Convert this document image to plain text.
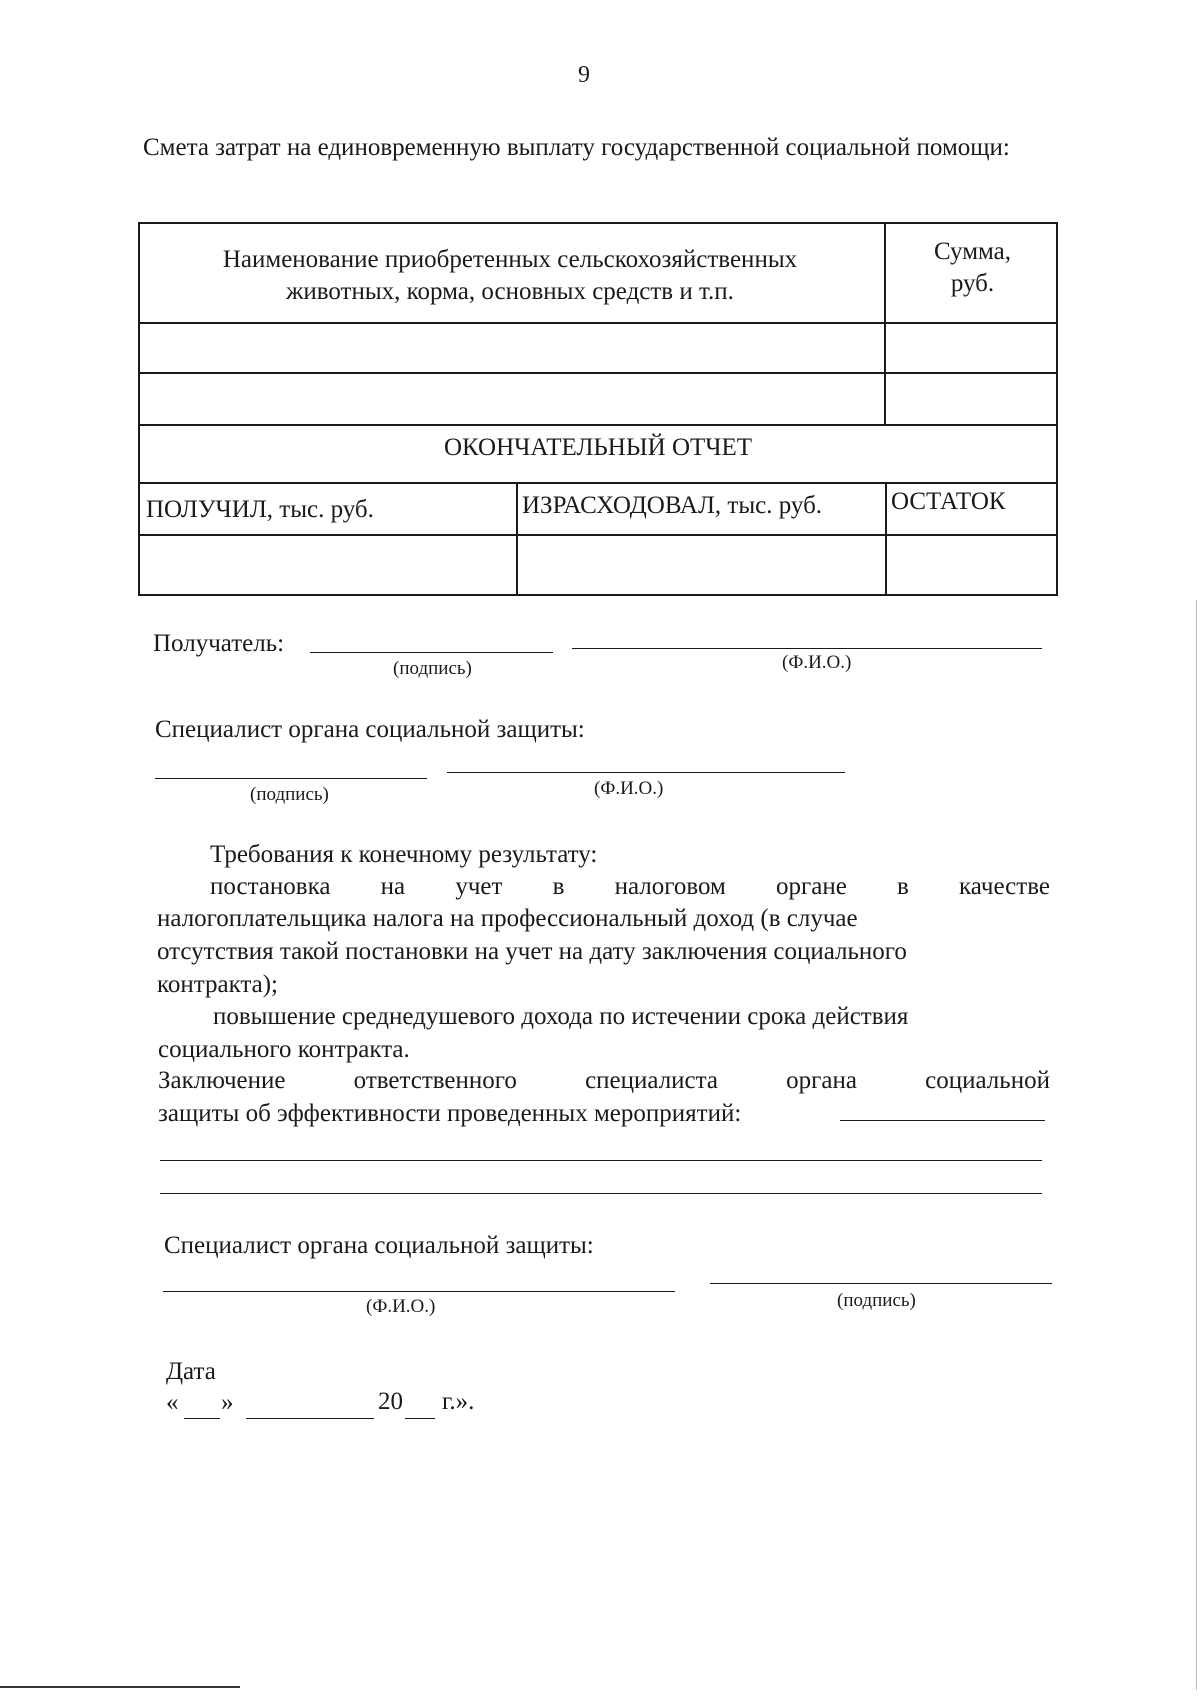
9
Смета затрат на единовременную выплату государственной социальной помощи:
Наименование приобретенных сельскохозяйственных животных, корма, основных средств и т.п.
Сумма, руб.
ОКОНЧАТЕЛЬНЫЙ ОТЧЕТ
ПОЛУЧИЛ, тыс. руб.	ИЗРАСХОДОВАЛ, тыс. руб.	ОСТАТОК
Получатель:
(подпись)	(Ф.И.О.)
Специалист органа социальной защиты:
(подпись)	(Ф.И.О.)
Требования к конечному результату:
постановка на учет в налоговом органе в качестве
налогоплательщика налога на профессиональный доход (в случае
отсутствия такой постановки на учет на дату заключения социального
контракта);
повышение среднедушевого дохода по истечении срока действия
социального контракта.
Заключение	ответственного	специалиста	органа	социальной
защиты об эффективности проведенных мероприятий:
Специалист органа социальной защиты:
(Ф.И.О.)	(подпись)
Дата
« »	20 г.».
